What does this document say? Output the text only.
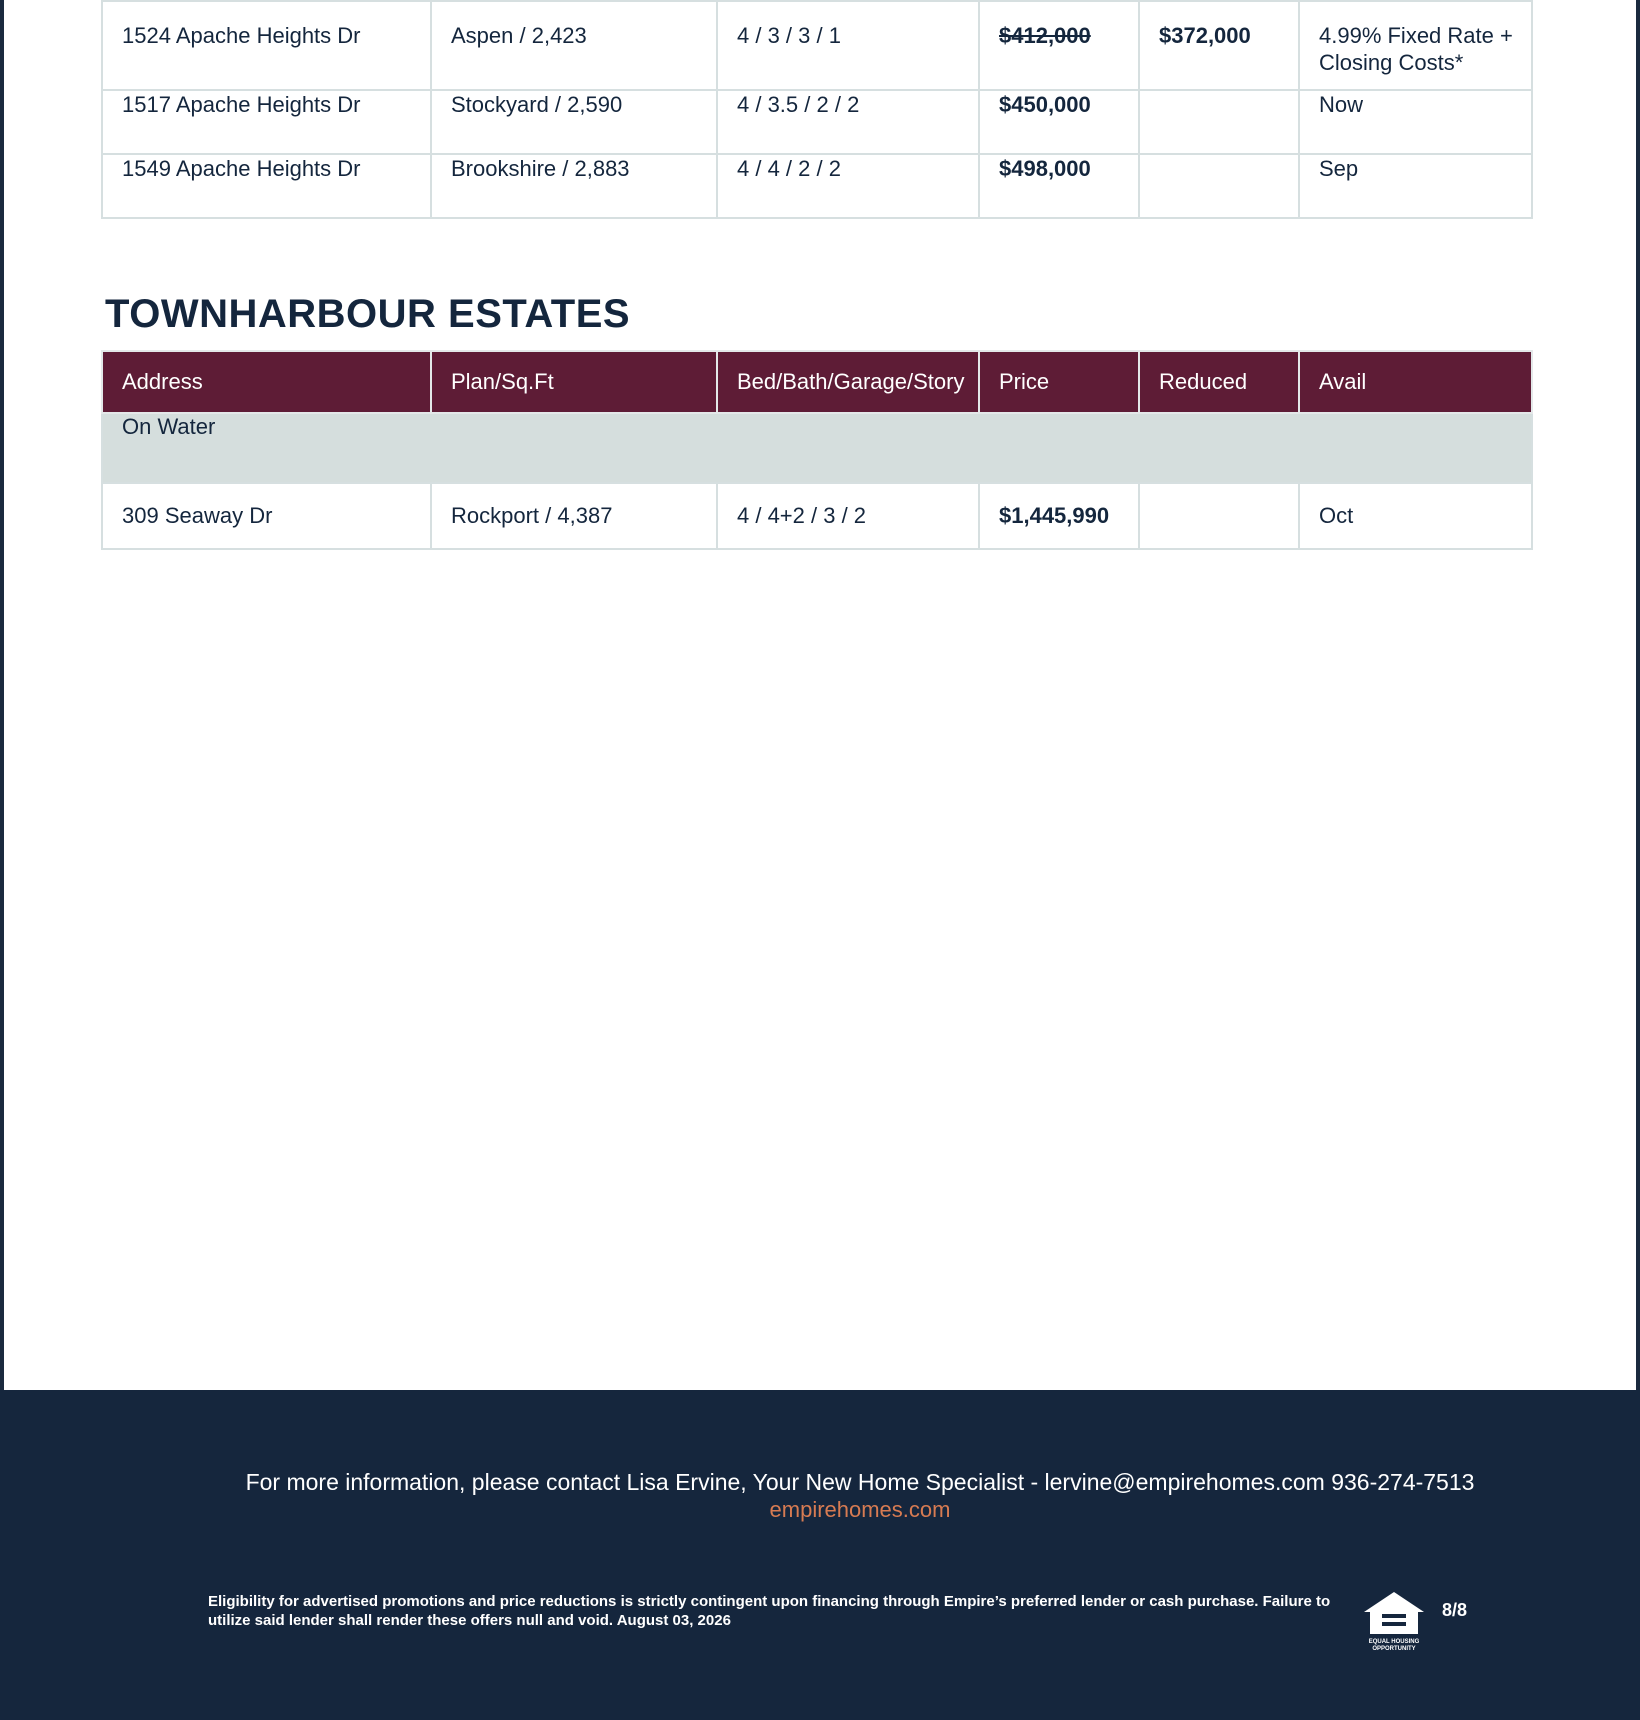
1524 Apache Heights Dr	Aspen / 2,423	4 / 3 / 3 / 1	$412,000	$372,000	4.99% Fixed Rate + Closing Costs*
1517 Apache Heights Dr	Stockyard / 2,590	4 / 3.5 / 2 / 2	$450,000		Now
1549 Apache Heights Dr	Brookshire / 2,883	4 / 4 / 2 / 2	$498,000		Sep
TOWNHARBOUR ESTATES
Address	Plan/Sq.Ft	Bed/Bath/Garage/Story	Price	Reduced	Avail
On Water					
309 Seaway Dr	Rockport / 4,387	4 / 4+2 / 3 / 2	$1,445,990		Oct
For more information, please contact Lisa Ervine, Your New Home Specialist - lervine@empirehomes.com 936-274-7513
empirehomes.com
Eligibility for advertised promotions and price reductions is strictly contingent upon financing through Empire’s preferred lender or cash purchase. Failure to utilize said lender shall render these offers null and void. August 03, 2026
EQUAL HOUSING
OPPORTUNITY
8/8
